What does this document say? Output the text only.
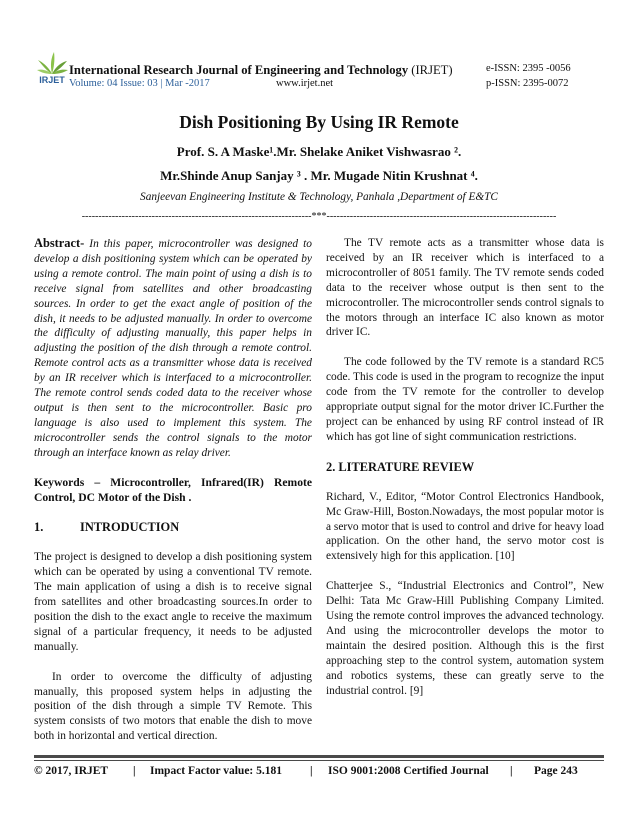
IRJET
International Research Journal of Engineering and Technology (IRJET)
Volume: 04 Issue: 03 | Mar -2017	www.irjet.net
e-ISSN: 2395 -0056
p-ISSN: 2395-0072
Dish Positioning By Using IR Remote
Prof. S. A Maske¹.Mr. Shelake Aniket Vishwasrao ².
Mr.Shinde Anup Sanjay ³ . Mr. Mugade Nitin Krushnat ⁴.
Sanjeevan Engineering Institute & Technology, Panhala ,Department of E&TC
---------------------------------------------------------------------***---------------------------------------------------------------------

Abstract- In this paper, microcontroller was designed to develop a dish positioning system which can be operated by using a remote control. The main point of using a dish is to receive signal from satellites and other broadcasting sources. In order to get the exact angle of position of the dish, it needs to be adjusted manually. In order to overcome the difficulty of adjusting manually, this paper helps in adjusting the position of the dish through a remote control. Remote control acts as a transmitter whose data is received by an IR receiver which is interfaced to a microcontroller. The remote control sends coded data to the receiver whose output is then sent to the microcontroller. Basic pro language is also used to implement this system. The microcontroller sends the control signals to the motor through an interface known as relay driver.

Keywords – Microcontroller, Infrared(IR) Remote Control, DC Motor of the Dish .

1.	INTRODUCTION

The project is designed to develop a dish positioning system which can be operated by using a conventional TV remote. The main application of using a dish is to receive signal from satellites and other broadcasting sources.In order to position the dish to the exact angle to receive the maximum signal of a particular frequency, it needs to be adjusted manually.

In order to overcome the difficulty of adjusting manually, this proposed system helps in adjusting the position of the dish through a simple TV Remote. This system consists of two motors that enable the dish to move both in horizontal and vertical direction.

The TV remote acts as a transmitter whose data is received by an IR receiver which is interfaced to a microcontroller of 8051 family. The TV remote sends coded data to the receiver whose output is then sent to the microcontroller. The microcontroller sends control signals to the motors through an interface IC also known as motor driver IC.

The code followed by the TV remote is a standard RC5 code. This code is used in the program to recognize the input code from the TV remote for the controller to develop appropriate output signal for the motor driver IC.Further the project can be enhanced by using RF control instead of IR which has got line of sight communication restrictions.

2. LITERATURE REVIEW

Richard, V., Editor, “Motor Control Electronics Handbook, Mc Graw-Hill, Boston.Nowadays, the most popular motor is a servo motor that is used to control and drive for heavy load application. On the other hand, the servo motor cost is extensively high for this application. [10]

Chatterjee S., “Industrial Electronics and Control”, New Delhi: Tata Mc Graw-Hill Publishing Company Limited. Using the remote control improves the advanced technology. And using the microcontroller develops the motor to maintain the desired position. Although this is the first approaching step to the control system, automation system and robotics systems, these can greatly serve to the industrial control. [9]

© 2017, IRJET | Impact Factor value: 5.181 | ISO 9001:2008 Certified Journal | Page 243
